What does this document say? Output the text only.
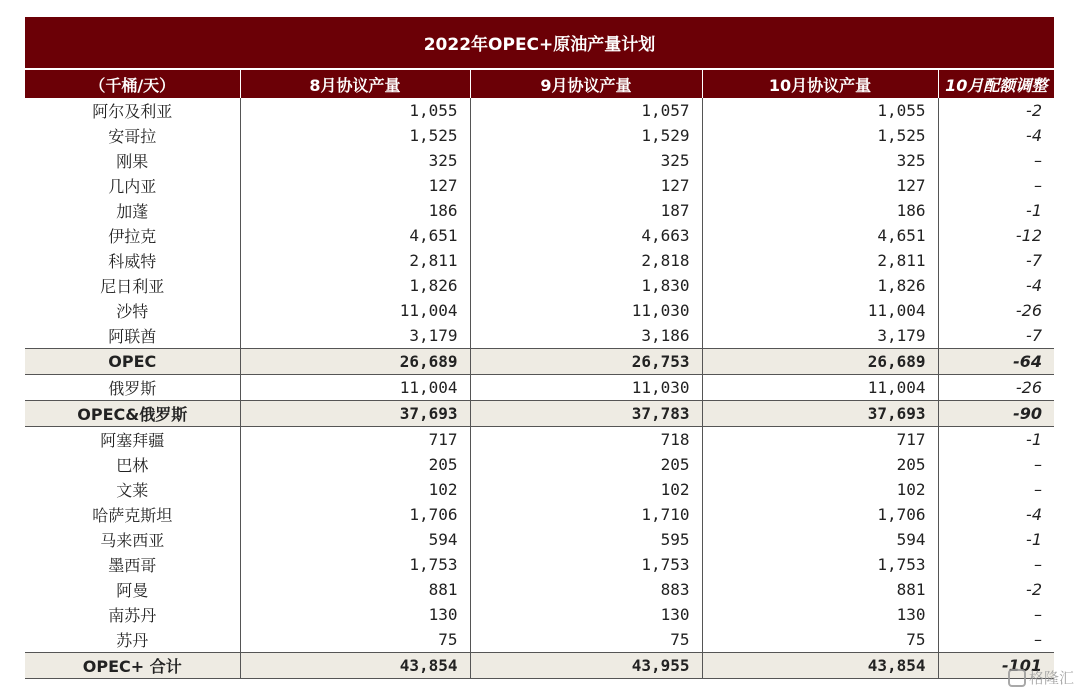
2022年OPEC+原油产量计划
（千桶/天）	8月协议产量	9月协议产量	10月协议产量	10月配额调整
阿尔及利亚	1,055	1,057	1,055	-2
安哥拉	1,525	1,529	1,525	-4
刚果	325	325	325	–
几内亚	127	127	127	–
加蓬	186	187	186	-1
伊拉克	4,651	4,663	4,651	-12
科威特	2,811	2,818	2,811	-7
尼日利亚	1,826	1,830	1,826	-4
沙特	11,004	11,030	11,004	-26
阿联酋	3,179	3,186	3,179	-7
OPEC	26,689	26,753	26,689	-64
俄罗斯	11,004	11,030	11,004	-26
OPEC&俄罗斯	37,693	37,783	37,693	-90
阿塞拜疆	717	718	717	-1
巴林	205	205	205	–
文莱	102	102	102	–
哈萨克斯坦	1,706	1,710	1,706	-4
马来西亚	594	595	594	-1
墨西哥	1,753	1,753	1,753	–
阿曼	881	883	881	-2
南苏丹	130	130	130	–
苏丹	75	75	75	–
OPEC+ 合计	43,854	43,955	43,854	-101
格隆汇
